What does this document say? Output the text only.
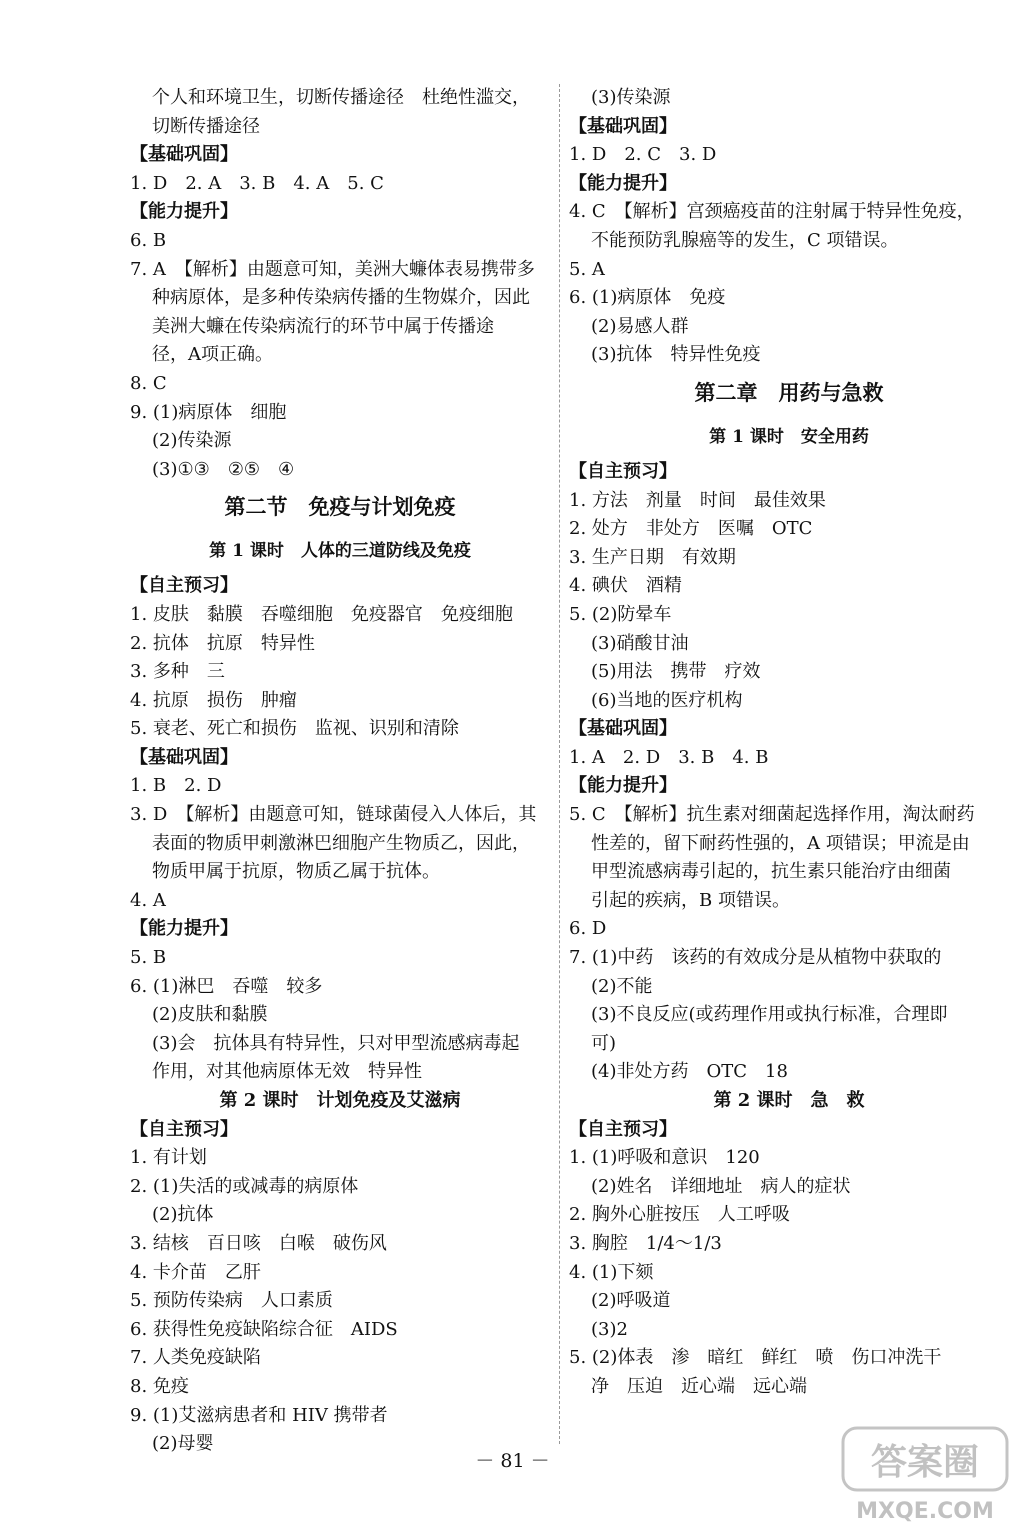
个人和环境卫生，切断传播途径　杜绝性滥交，
切断传播途径
【基础巩固】
1. D　2. A　3. B　4. A　5. C
【能力提升】
6. B
7. A　【解析】由题意可知，美洲大蠊体表易携带多
种病原体，是多种传染病传播的生物媒介，因此
美洲大蠊在传染病流行的环节中属于传播途
径，A项正确。
8. C
9. (1)病原体　细胞
(2)传染源
(3)①③　②⑤　④
第二节　免疫与计划免疫
第 1 课时　人体的三道防线及免疫
【自主预习】
1. 皮肤　黏膜　吞噬细胞　免疫器官　免疫细胞
2. 抗体　抗原　特异性
3. 多种　三
4. 抗原　损伤　肿瘤
5. 衰老、死亡和损伤　监视、识别和清除
【基础巩固】
1. B　2. D
3. D　【解析】由题意可知，链球菌侵入人体后，其
表面的物质甲刺激淋巴细胞产生物质乙，因此，
物质甲属于抗原，物质乙属于抗体。
4. A
【能力提升】
5. B
6. (1)淋巴　吞噬　较多
(2)皮肤和黏膜
(3)会　抗体具有特异性，只对甲型流感病毒起
作用，对其他病原体无效　特异性
第 2 课时　计划免疫及艾滋病
【自主预习】
1. 有计划
2. (1)失活的或减毒的病原体
(2)抗体
3. 结核　百日咳　白喉　破伤风
4. 卡介苗　乙肝
5. 预防传染病　人口素质
6. 获得性免疫缺陷综合征　AIDS
7. 人类免疫缺陷
8. 免疫
9. (1)艾滋病患者和 HIV 携带者
(2)母婴
(3)传染源
【基础巩固】
1. D　2. C　3. D
【能力提升】
4. C　【解析】宫颈癌疫苗的注射属于特异性免疫，
不能预防乳腺癌等的发生，C 项错误。
5. A
6. (1)病原体　免疫
(2)易感人群
(3)抗体　特异性免疫
第二章　用药与急救
第 1 课时　安全用药
【自主预习】
1. 方法　剂量　时间　最佳效果
2. 处方　非处方　医嘱　OTC
3. 生产日期　有效期
4. 碘伏　酒精
5. (2)防晕车
(3)硝酸甘油
(5)用法　携带　疗效
(6)当地的医疗机构
【基础巩固】
1. A　2. D　3. B　4. B
【能力提升】
5. C　【解析】抗生素对细菌起选择作用，淘汰耐药
性差的，留下耐药性强的，A 项错误；甲流是由
甲型流感病毒引起的，抗生素只能治疗由细菌
引起的疾病，B 项错误。
6. D
7. (1)中药　该药的有效成分是从植物中获取的
(2)不能
(3)不良反应(或药理作用或执行标准，合理即
可)
(4)非处方药　OTC　18
第 2 课时　急　救
【自主预习】
1. (1)呼吸和意识　120
(2)姓名　详细地址　病人的症状
2. 胸外心脏按压　人工呼吸
3. 胸腔　1/4～1/3
4. (1)下颏
(2)呼吸道
(3)2
5. (2)体表　渗　暗红　鲜红　喷　伤口冲洗干
净　压迫　近心端　远心端
－ 81 －	答案圈
MXQE.COM
